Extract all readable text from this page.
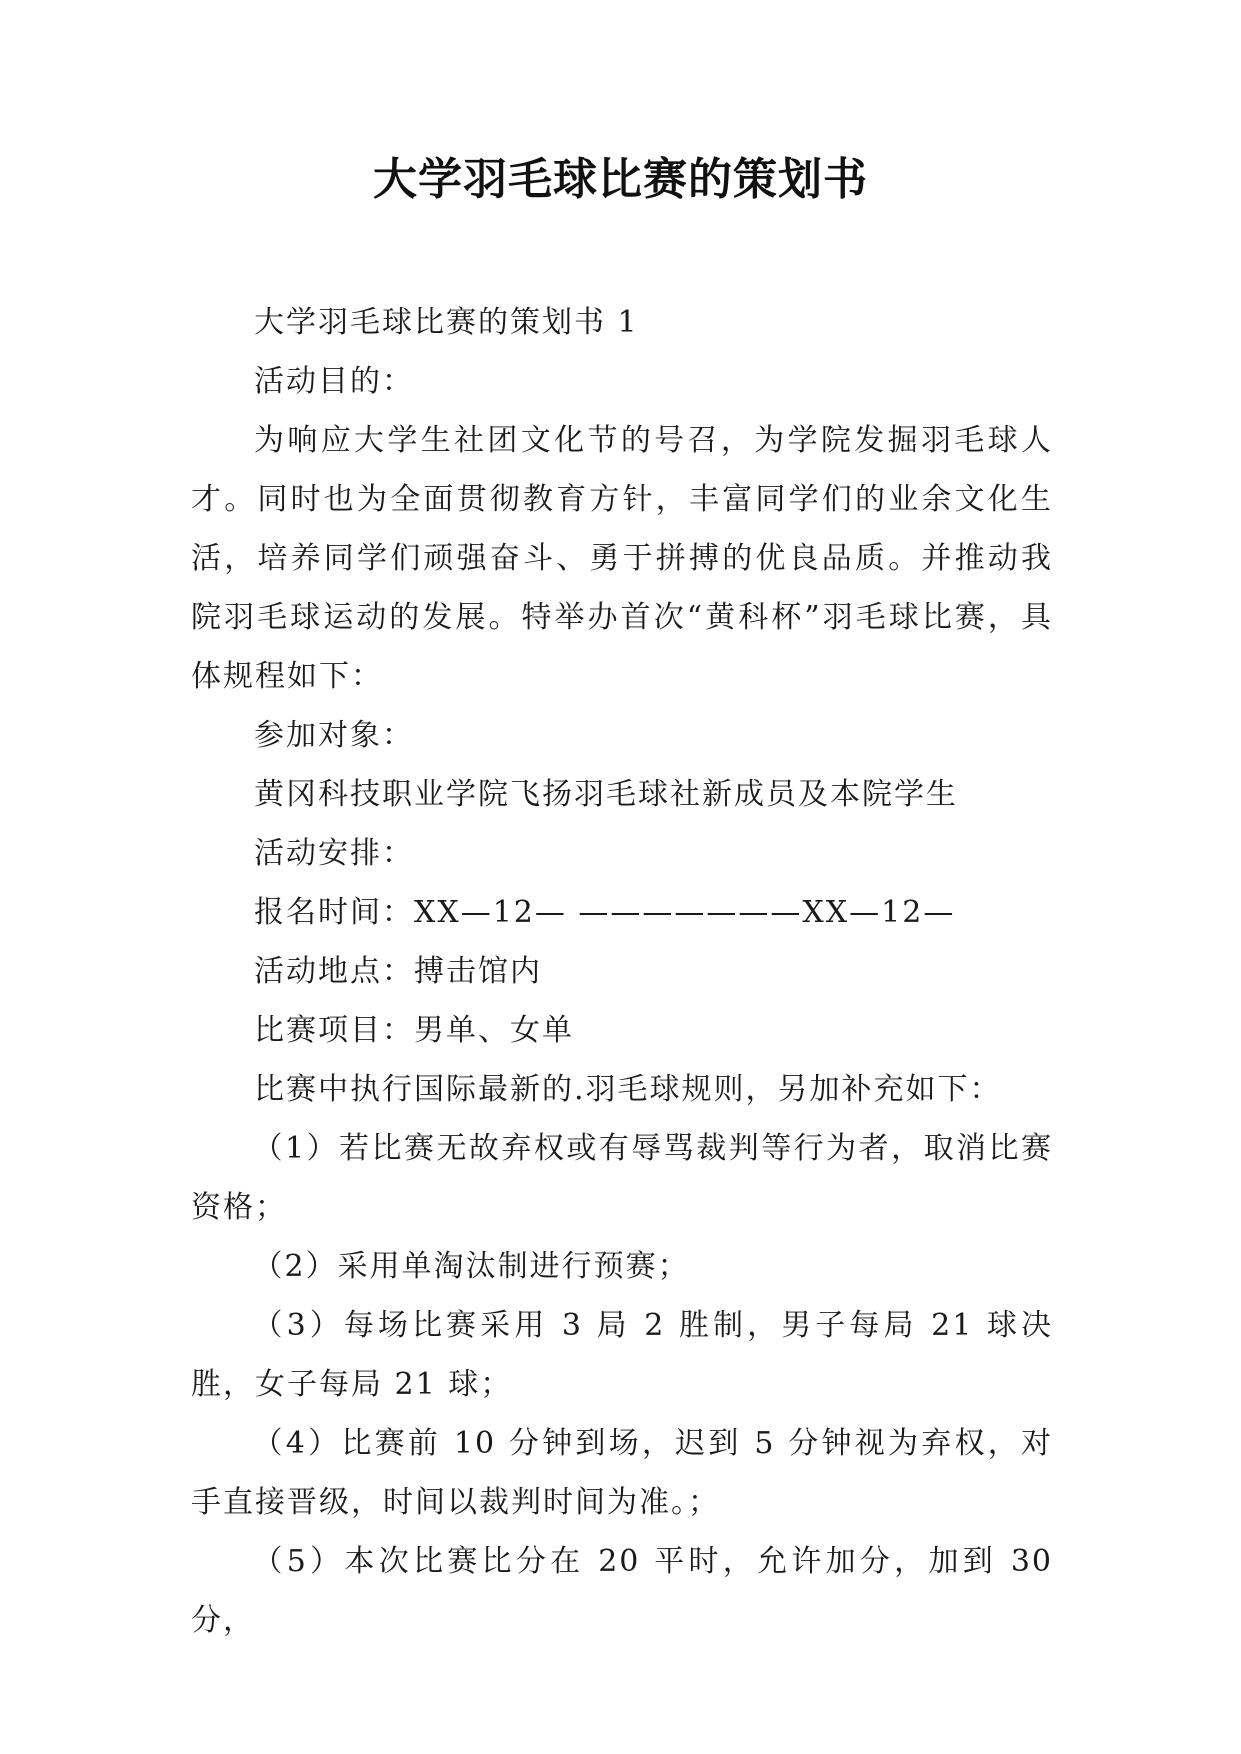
大学羽毛球比赛的策划书

大学羽毛球比赛的策划书 1

活动目的：

为响应大学生社团文化节的号召，为学院发掘羽毛球人才。同时也为全面贯彻教育方针，丰富同学们的业余文化生活，培养同学们顽强奋斗、勇于拼搏的优良品质。并推动我院羽毛球运动的发展。特举办首次“黄科杯”羽毛球比赛，具体规程如下：

参加对象：

黄冈科技职业学院飞扬羽毛球社新成员及本院学生

活动安排：

报名时间：XX—12— ———————XX—12—

活动地点：搏击馆内

比赛项目：男单、女单

比赛中执行国际最新的.羽毛球规则，另加补充如下：

（1）若比赛无故弃权或有辱骂裁判等行为者，取消比赛资格；

（2）采用单淘汰制进行预赛；

（3）每场比赛采用 3 局 2 胜制，男子每局 21 球决胜，女子每局 21 球；

（4）比赛前 10 分钟到场，迟到 5 分钟视为弃权，对手直接晋级，时间以裁判时间为准。；

（5）本次比赛比分在 20 平时，允许加分，加到 30 分，
